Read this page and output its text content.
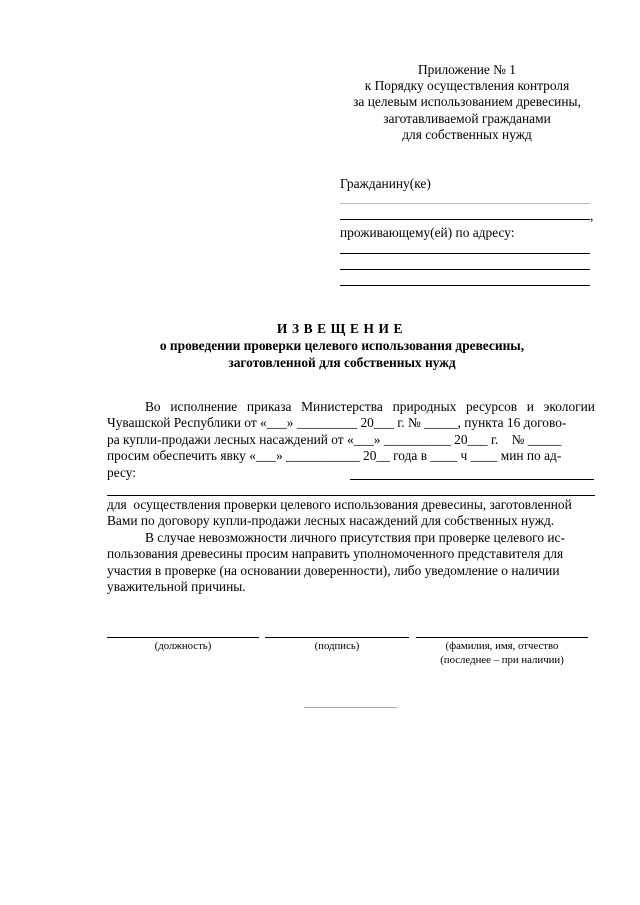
Приложение № 1
к Порядку осуществления контроля
за целевым использованием древесины,
заготавливаемой гражданами
для собственных нужд
Гражданину(ке)
,
проживающему(ей) по адресу:
ИЗВЕЩЕНИЕ
о проведении проверки целевого использования древесины,
заготовленной для собственных нужд
Во исполнение приказа Министерства природных ресурсов и экологии
Чувашской Республики от «___» _________ 20___ г. № _____, пункта 16 догово-
ра купли-продажи лесных насаждений от «___» __________ 20___ г.    № _____
просим обеспечить явку «___» ___________ 20__ года в ____ ч ____ мин по ад-
ресу:
для  осуществления проверки целевого использования древесины, заготовленной
Вами по договору купли-продажи лесных насаждений для собственных нужд.
В случае невозможности личного присутствия при проверке целевого ис-
пользования древесины просим направить уполномоченного представителя для
участия в проверке (на основании доверенности), либо уведомление о наличии
уважительной причины.
(должность)	(подпись)	(фамилия, имя, отчество
(последнее – при наличии)
